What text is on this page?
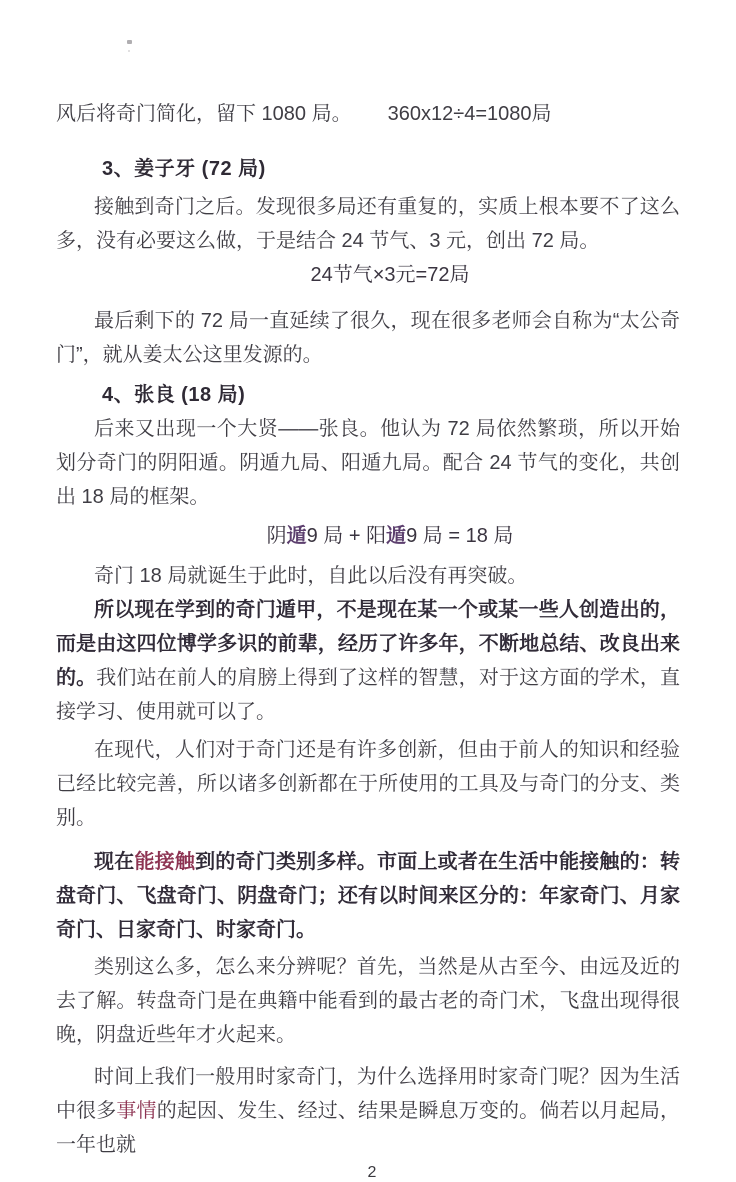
风后将奇门简化，留下 1080 局。 360x12÷4=1080局

3、姜子牙 (72 局)

接触到奇门之后。发现很多局还有重复的，实质上根本要不了这么多，没有必要这么做，于是结合 24 节气、3 元，创出 72 局。

24节气×3元=72局

最后剩下的 72 局一直延续了很久，现在很多老师会自称为“太公奇门”，就从姜太公这里发源的。

4、张良 (18 局)

后来又出现一个大贤——张良。他认为 72 局依然繁琐，所以开始划分奇门的阴阳遁。阴遁九局、阳遁九局。配合 24 节气的变化，共创出 18 局的框架。

阴遁9 局 + 阳遁9 局 = 18 局

奇门 18 局就诞生于此时，自此以后没有再突破。

所以现在学到的奇门遁甲，不是现在某一个或某一些人创造出的，而是由这四位博学多识的前辈，经历了许多年，不断地总结、改良出来的。我们站在前人的肩膀上得到了这样的智慧，对于这方面的学术，直接学习、使用就可以了。

在现代，人们对于奇门还是有许多创新，但由于前人的知识和经验已经比较完善，所以诸多创新都在于所使用的工具及与奇门的分支、类别。

现在能接触到的奇门类别多样。市面上或者在生活中能接触的：转盘奇门、飞盘奇门、阴盘奇门；还有以时间来区分的：年家奇门、月家奇门、日家奇门、时家奇门。

类别这么多，怎么来分辨呢？首先，当然是从古至今、由远及近的去了解。转盘奇门是在典籍中能看到的最古老的奇门术，飞盘出现得很晚，阴盘近些年才火起来。

时间上我们一般用时家奇门，为什么选择用时家奇门呢？因为生活中很多事情的起因、发生、经过、结果是瞬息万变的。倘若以月起局，一年也就

2
